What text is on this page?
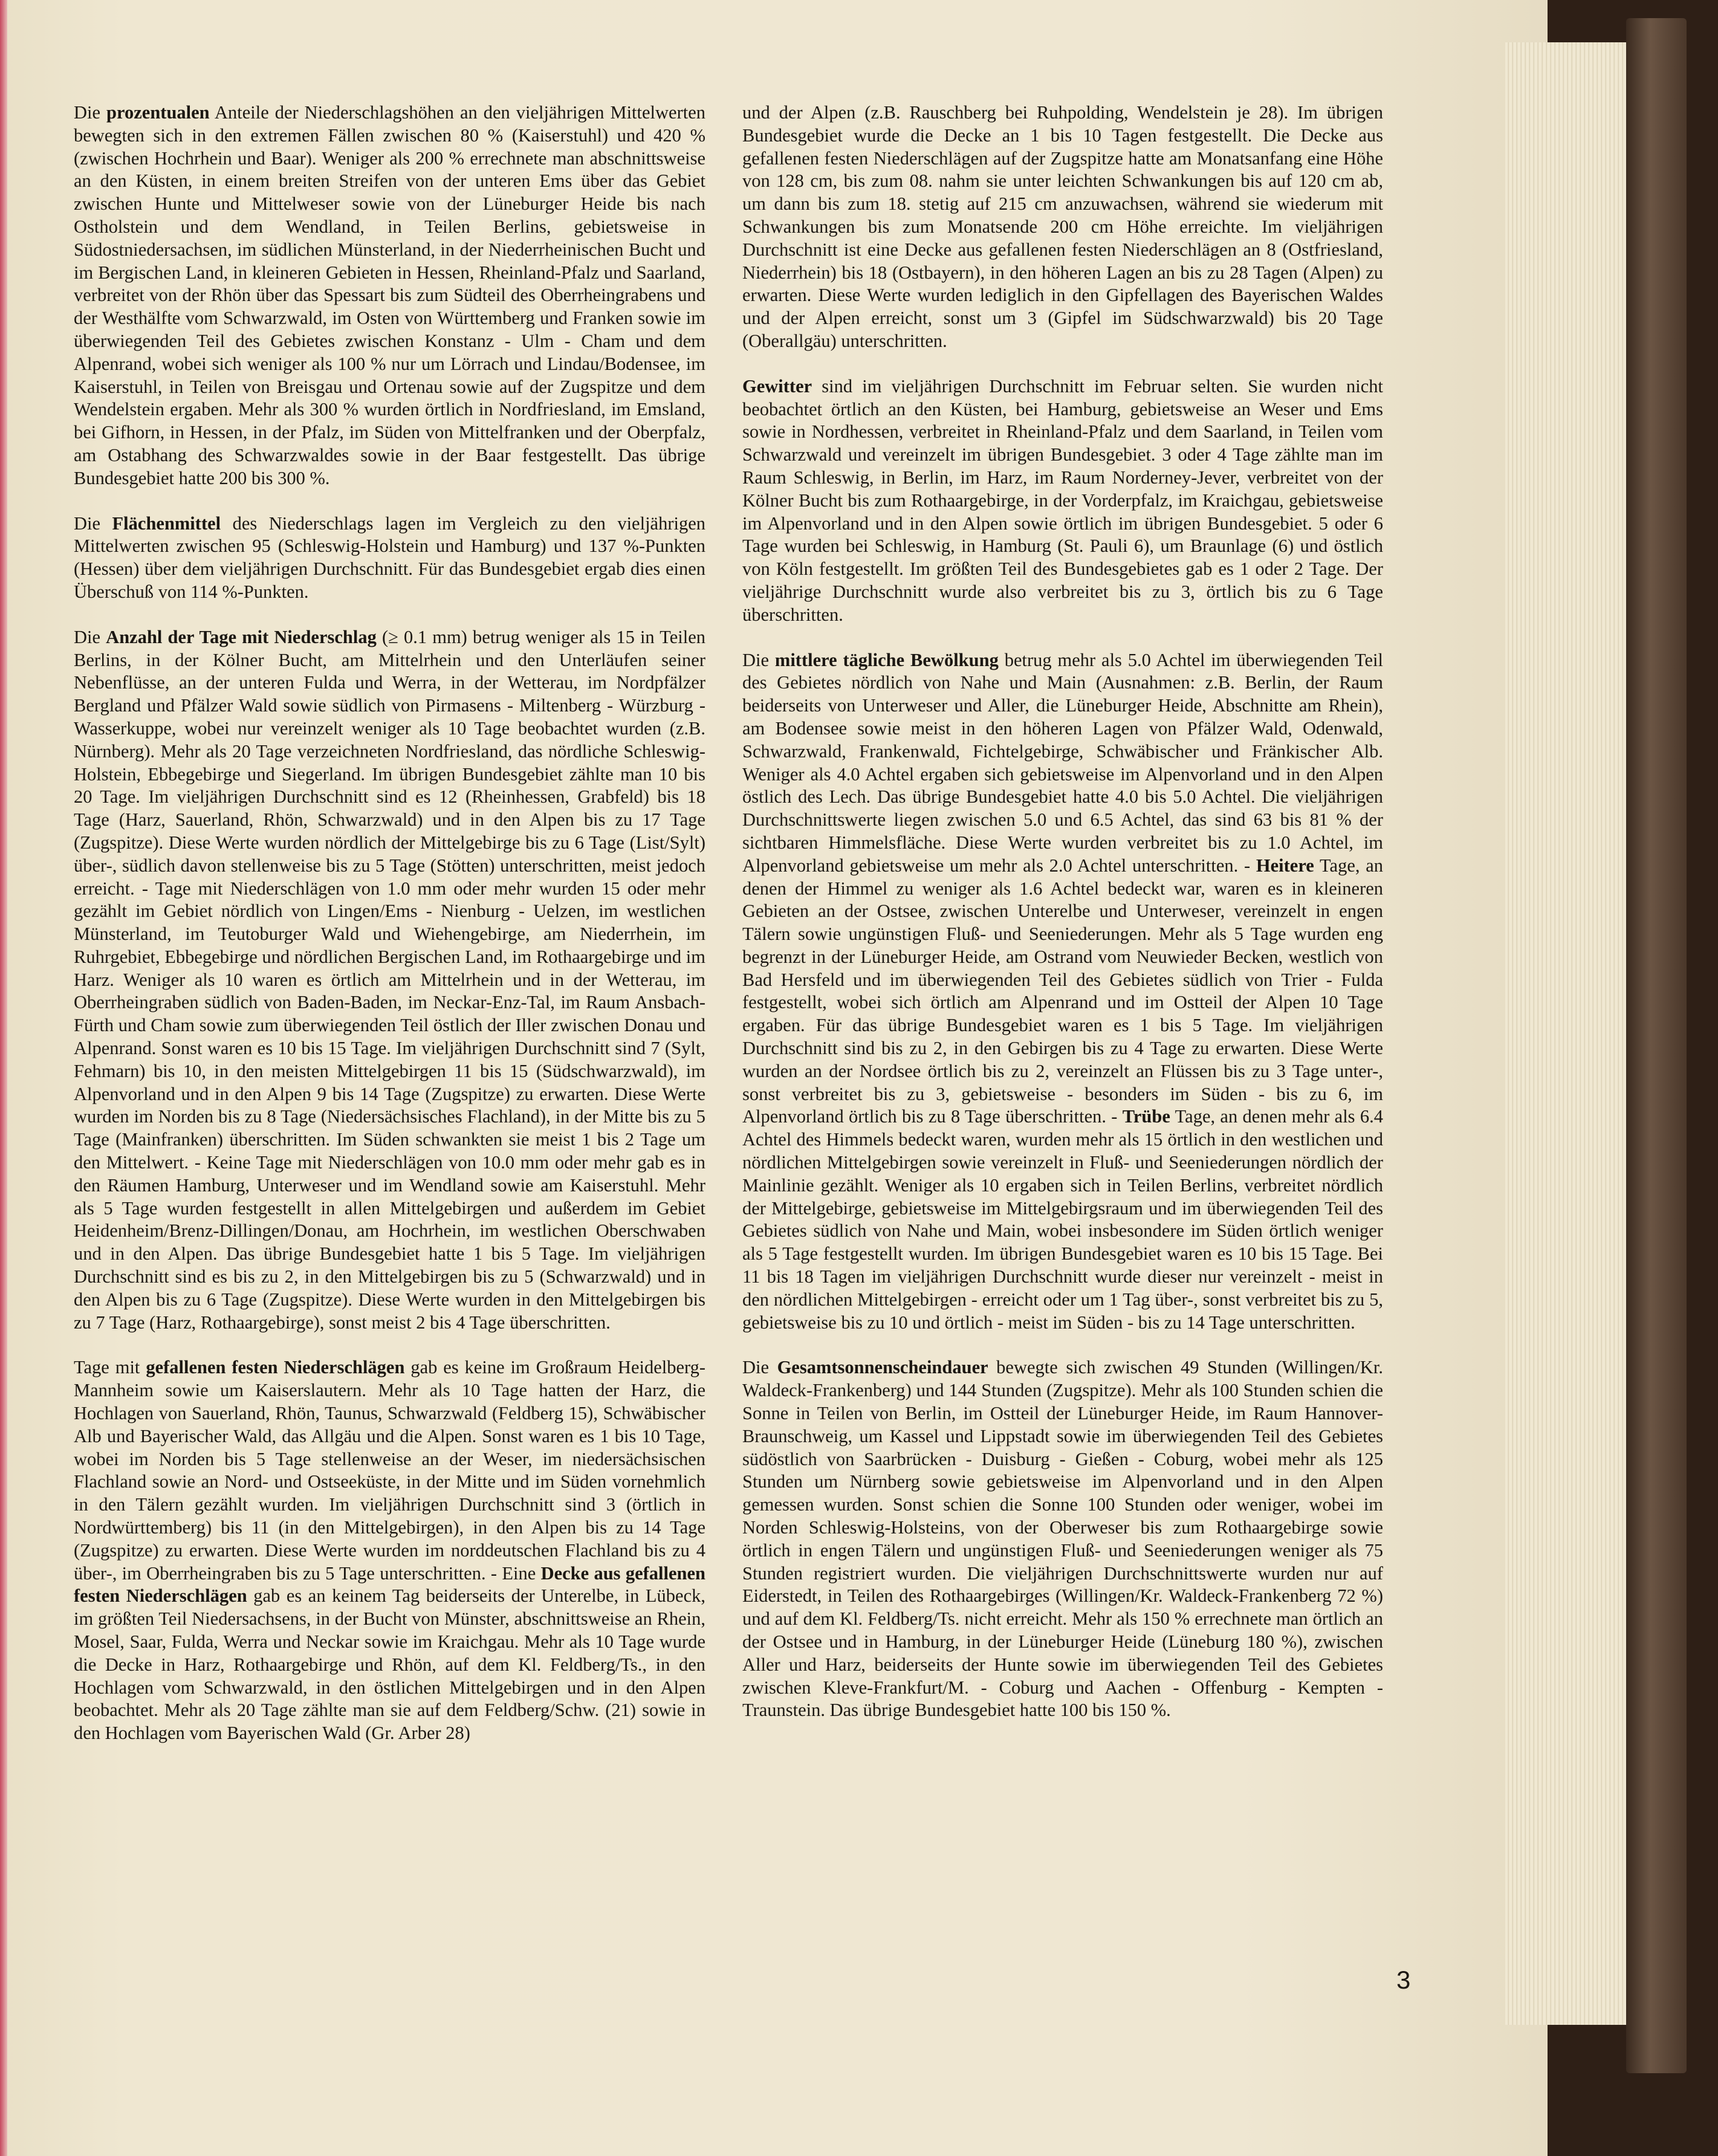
Die prozentualen Anteile der Niederschlagshöhen an den vieljährigen Mittelwerten bewegten sich in den extremen Fällen zwischen 80 % (Kaiserstuhl) und 420 % (zwischen Hochrhein und Baar). Weniger als 200 % errechnete man abschnittsweise an den Küsten, in einem breiten Streifen von der unteren Ems über das Gebiet zwischen Hunte und Mittelweser sowie von der Lüneburger Heide bis nach Ostholstein und dem Wendland, in Teilen Berlins, gebietsweise in Südostniedersachsen, im südlichen Münsterland, in der Niederrheinischen Bucht und im Bergischen Land, in kleineren Gebieten in Hessen, Rheinland-Pfalz und Saarland, verbreitet von der Rhön über das Spessart bis zum Südteil des Oberrheingrabens und der Westhälfte vom Schwarzwald, im Osten von Württemberg und Franken sowie im überwiegenden Teil des Gebietes zwischen Konstanz - Ulm - Cham und dem Alpenrand, wobei sich weniger als 100 % nur um Lörrach und Lindau/Bodensee, im Kaiserstuhl, in Teilen von Breisgau und Ortenau sowie auf der Zugspitze und dem Wendelstein ergaben. Mehr als 300 % wurden örtlich in Nordfriesland, im Emsland, bei Gifhorn, in Hessen, in der Pfalz, im Süden von Mittelfranken und der Oberpfalz, am Ostabhang des Schwarzwaldes sowie in der Baar festgestellt. Das übrige Bundesgebiet hatte 200 bis 300 %.

Die Flächenmittel des Niederschlags lagen im Vergleich zu den vieljährigen Mittelwerten zwischen 95 (Schleswig-Holstein und Hamburg) und 137 %-Punkten (Hessen) über dem vieljährigen Durchschnitt. Für das Bundesgebiet ergab dies einen Überschuß von 114 %-Punkten.

Die Anzahl der Tage mit Niederschlag (≥ 0.1 mm) betrug weniger als 15 in Teilen Berlins, in der Kölner Bucht, am Mittelrhein und den Unterläufen seiner Nebenflüsse, an der unteren Fulda und Werra, in der Wetterau, im Nordpfälzer Bergland und Pfälzer Wald sowie südlich von Pirmasens - Miltenberg - Würzburg - Wasserkuppe, wobei nur vereinzelt weniger als 10 Tage beobachtet wurden (z.B. Nürnberg). Mehr als 20 Tage verzeichneten Nordfriesland, das nördliche Schleswig-Holstein, Ebbegebirge und Siegerland. Im übrigen Bundesgebiet zählte man 10 bis 20 Tage. Im vieljährigen Durchschnitt sind es 12 (Rheinhessen, Grabfeld) bis 18 Tage (Harz, Sauerland, Rhön, Schwarzwald) und in den Alpen bis zu 17 Tage (Zugspitze). Diese Werte wurden nördlich der Mittelgebirge bis zu 6 Tage (List/Sylt) über-, südlich davon stellenweise bis zu 5 Tage (Stötten) unterschritten, meist jedoch erreicht. - Tage mit Niederschlägen von 1.0 mm oder mehr wurden 15 oder mehr gezählt im Gebiet nördlich von Lingen/Ems - Nienburg - Uelzen, im westlichen Münsterland, im Teutoburger Wald und Wiehengebirge, am Niederrhein, im Ruhrgebiet, Ebbegebirge und nördlichen Bergischen Land, im Rothaargebirge und im Harz. Weniger als 10 waren es örtlich am Mittelrhein und in der Wetterau, im Oberrheingraben südlich von Baden-Baden, im Neckar-Enz-Tal, im Raum Ansbach-Fürth und Cham sowie zum überwiegenden Teil östlich der Iller zwischen Donau und Alpenrand. Sonst waren es 10 bis 15 Tage. Im vieljährigen Durchschnitt sind 7 (Sylt, Fehmarn) bis 10, in den meisten Mittelgebirgen 11 bis 15 (Südschwarzwald), im Alpenvorland und in den Alpen 9 bis 14 Tage (Zugspitze) zu erwarten. Diese Werte wurden im Norden bis zu 8 Tage (Niedersächsisches Flachland), in der Mitte bis zu 5 Tage (Mainfranken) überschritten. Im Süden schwankten sie meist 1 bis 2 Tage um den Mittelwert. - Keine Tage mit Niederschlägen von 10.0 mm oder mehr gab es in den Räumen Hamburg, Unterweser und im Wendland sowie am Kaiserstuhl. Mehr als 5 Tage wurden festgestellt in allen Mittelgebirgen und außerdem im Gebiet Heidenheim/Brenz-Dillingen/Donau, am Hochrhein, im westlichen Oberschwaben und in den Alpen. Das übrige Bundesgebiet hatte 1 bis 5 Tage. Im vieljährigen Durchschnitt sind es bis zu 2, in den Mittelgebirgen bis zu 5 (Schwarzwald) und in den Alpen bis zu 6 Tage (Zugspitze). Diese Werte wurden in den Mittelgebirgen bis zu 7 Tage (Harz, Rothaargebirge), sonst meist 2 bis 4 Tage überschritten.

Tage mit gefallenen festen Niederschlägen gab es keine im Großraum Heidelberg-Mannheim sowie um Kaiserslautern. Mehr als 10 Tage hatten der Harz, die Hochlagen von Sauerland, Rhön, Taunus, Schwarzwald (Feldberg 15), Schwäbischer Alb und Bayerischer Wald, das Allgäu und die Alpen. Sonst waren es 1 bis 10 Tage, wobei im Norden bis 5 Tage stellenweise an der Weser, im niedersächsischen Flachland sowie an Nord- und Ostseeküste, in der Mitte und im Süden vornehmlich in den Tälern gezählt wurden. Im vieljährigen Durchschnitt sind 3 (örtlich in Nordwürttemberg) bis 11 (in den Mittelgebirgen), in den Alpen bis zu 14 Tage (Zugspitze) zu erwarten. Diese Werte wurden im norddeutschen Flachland bis zu 4 über-, im Oberrheingraben bis zu 5 Tage unterschritten. - Eine Decke aus gefallenen festen Niederschlägen gab es an keinem Tag beiderseits der Unterelbe, in Lübeck, im größten Teil Niedersachsens, in der Bucht von Münster, abschnittsweise an Rhein, Mosel, Saar, Fulda, Werra und Neckar sowie im Kraichgau. Mehr als 10 Tage wurde die Decke in Harz, Rothaargebirge und Rhön, auf dem Kl. Feldberg/Ts., in den Hochlagen vom Schwarzwald, in den östlichen Mittelgebirgen und in den Alpen beobachtet. Mehr als 20 Tage zählte man sie auf dem Feldberg/Schw. (21) sowie in den Hochlagen vom Bayerischen Wald (Gr. Arber 28)

und der Alpen (z.B. Rauschberg bei Ruhpolding, Wendelstein je 28). Im übrigen Bundesgebiet wurde die Decke an 1 bis 10 Tagen festgestellt. Die Decke aus gefallenen festen Niederschlägen auf der Zugspitze hatte am Monatsanfang eine Höhe von 128 cm, bis zum 08. nahm sie unter leichten Schwankungen bis auf 120 cm ab, um dann bis zum 18. stetig auf 215 cm anzuwachsen, während sie wiederum mit Schwankungen bis zum Monatsende 200 cm Höhe erreichte. Im vieljährigen Durchschnitt ist eine Decke aus gefallenen festen Niederschlägen an 8 (Ostfriesland, Niederrhein) bis 18 (Ostbayern), in den höheren Lagen an bis zu 28 Tagen (Alpen) zu erwarten. Diese Werte wurden lediglich in den Gipfellagen des Bayerischen Waldes und der Alpen erreicht, sonst um 3 (Gipfel im Südschwarzwald) bis 20 Tage (Oberallgäu) unterschritten.

Gewitter sind im vieljährigen Durchschnitt im Februar selten. Sie wurden nicht beobachtet örtlich an den Küsten, bei Hamburg, gebietsweise an Weser und Ems sowie in Nordhessen, verbreitet in Rheinland-Pfalz und dem Saarland, in Teilen vom Schwarzwald und vereinzelt im übrigen Bundesgebiet. 3 oder 4 Tage zählte man im Raum Schleswig, in Berlin, im Harz, im Raum Norderney-Jever, verbreitet von der Kölner Bucht bis zum Rothaargebirge, in der Vorderpfalz, im Kraichgau, gebietsweise im Alpenvorland und in den Alpen sowie örtlich im übrigen Bundesgebiet. 5 oder 6 Tage wurden bei Schleswig, in Hamburg (St. Pauli 6), um Braunlage (6) und östlich von Köln festgestellt. Im größten Teil des Bundesgebietes gab es 1 oder 2 Tage. Der vieljährige Durchschnitt wurde also verbreitet bis zu 3, örtlich bis zu 6 Tage überschritten.

Die mittlere tägliche Bewölkung betrug mehr als 5.0 Achtel im überwiegenden Teil des Gebietes nördlich von Nahe und Main (Ausnahmen: z.B. Berlin, der Raum beiderseits von Unterweser und Aller, die Lüneburger Heide, Abschnitte am Rhein), am Bodensee sowie meist in den höheren Lagen von Pfälzer Wald, Odenwald, Schwarzwald, Frankenwald, Fichtelgebirge, Schwäbischer und Fränkischer Alb. Weniger als 4.0 Achtel ergaben sich gebietsweise im Alpenvorland und in den Alpen östlich des Lech. Das übrige Bundesgebiet hatte 4.0 bis 5.0 Achtel. Die vieljährigen Durchschnittswerte liegen zwischen 5.0 und 6.5 Achtel, das sind 63 bis 81 % der sichtbaren Himmelsfläche. Diese Werte wurden verbreitet bis zu 1.0 Achtel, im Alpenvorland gebietsweise um mehr als 2.0 Achtel unterschritten. - Heitere Tage, an denen der Himmel zu weniger als 1.6 Achtel bedeckt war, waren es in kleineren Gebieten an der Ostsee, zwischen Unterelbe und Unterweser, vereinzelt in engen Tälern sowie ungünstigen Fluß- und Seeniederungen. Mehr als 5 Tage wurden eng begrenzt in der Lüneburger Heide, am Ostrand vom Neuwieder Becken, westlich von Bad Hersfeld und im überwiegenden Teil des Gebietes südlich von Trier - Fulda festgestellt, wobei sich örtlich am Alpenrand und im Ostteil der Alpen 10 Tage ergaben. Für das übrige Bundesgebiet waren es 1 bis 5 Tage. Im vieljährigen Durchschnitt sind bis zu 2, in den Gebirgen bis zu 4 Tage zu erwarten. Diese Werte wurden an der Nordsee örtlich bis zu 2, vereinzelt an Flüssen bis zu 3 Tage unter-, sonst verbreitet bis zu 3, gebietsweise - besonders im Süden - bis zu 6, im Alpenvorland örtlich bis zu 8 Tage überschritten. - Trübe Tage, an denen mehr als 6.4 Achtel des Himmels bedeckt waren, wurden mehr als 15 örtlich in den westlichen und nördlichen Mittelgebirgen sowie vereinzelt in Fluß- und Seeniederungen nördlich der Mainlinie gezählt. Weniger als 10 ergaben sich in Teilen Berlins, verbreitet nördlich der Mittelgebirge, gebietsweise im Mittelgebirgsraum und im überwiegenden Teil des Gebietes südlich von Nahe und Main, wobei insbesondere im Süden örtlich weniger als 5 Tage festgestellt wurden. Im übrigen Bundesgebiet waren es 10 bis 15 Tage. Bei 11 bis 18 Tagen im vieljährigen Durchschnitt wurde dieser nur vereinzelt - meist in den nördlichen Mittelgebirgen - erreicht oder um 1 Tag über-, sonst verbreitet bis zu 5, gebietsweise bis zu 10 und örtlich - meist im Süden - bis zu 14 Tage unterschritten.

Die Gesamtsonnenscheindauer bewegte sich zwischen 49 Stunden (Willingen/Kr. Waldeck-Frankenberg) und 144 Stunden (Zugspitze). Mehr als 100 Stunden schien die Sonne in Teilen von Berlin, im Ostteil der Lüneburger Heide, im Raum Hannover-Braunschweig, um Kassel und Lippstadt sowie im überwiegenden Teil des Gebietes südöstlich von Saarbrücken - Duisburg - Gießen - Coburg, wobei mehr als 125 Stunden um Nürnberg sowie gebietsweise im Alpenvorland und in den Alpen gemessen wurden. Sonst schien die Sonne 100 Stunden oder weniger, wobei im Norden Schleswig-Holsteins, von der Oberweser bis zum Rothaargebirge sowie örtlich in engen Tälern und ungünstigen Fluß- und Seeniederungen weniger als 75 Stunden registriert wurden. Die vieljährigen Durchschnittswerte wurden nur auf Eiderstedt, in Teilen des Rothaargebirges (Willingen/Kr. Waldeck-Frankenberg 72 %) und auf dem Kl. Feldberg/Ts. nicht erreicht. Mehr als 150 % errechnete man örtlich an der Ostsee und in Hamburg, in der Lüneburger Heide (Lüneburg 180 %), zwischen Aller und Harz, beiderseits der Hunte sowie im überwiegenden Teil des Gebietes zwischen Kleve-Frankfurt/M. - Coburg und Aachen - Offenburg - Kempten - Traunstein. Das übrige Bundesgebiet hatte 100 bis 150 %.

3
